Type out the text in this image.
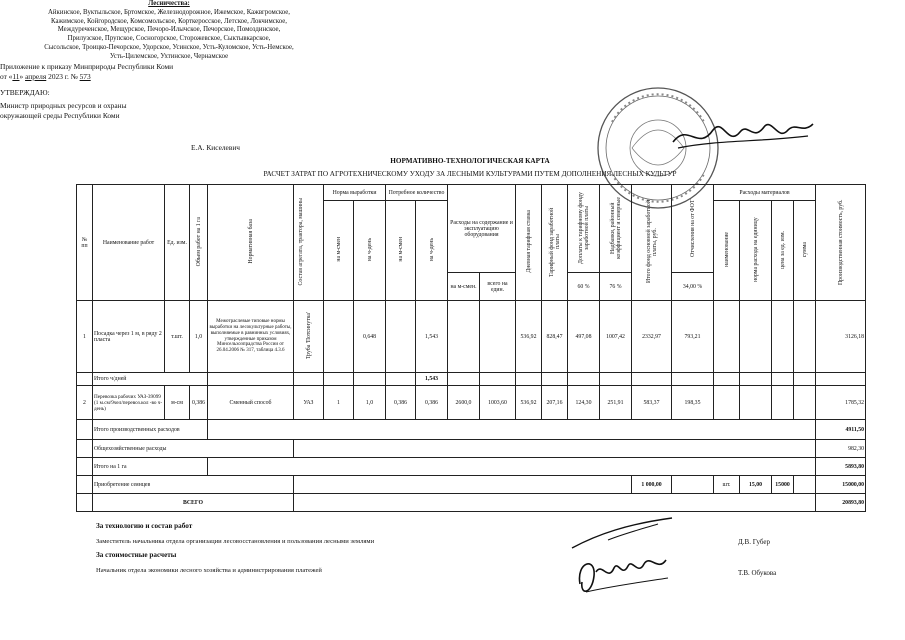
Лесничества:
Айкинское, Вуктыльское, Бртомское, Железнодорожное, Ижемское, Кажвгромское,
Кажимское, Койгородское, Комсомольское, Корткеросское, Летское, Локчимское,
Междуреченское, Мещурское, Печоро-Илычское, Печорское, Помоздинское,
Прилузское, Прупское, Сосногорское, Сторожевское, Сыктывкарское,
Сысольское, Троицко-Печорское, Удорское, Усинское, Усть-Куломское, Усть-Немское,
Усть-Цилемское, Ухтинское, Чернамское
Приложение к приказу Минприроды Республики Коми
от «11» апреля 2023 г. № 573
УТВЕРЖДАЮ:
Министр природных ресурсов и охраны
окружающей среды Республики Коми
Е.А. Киселевич
НОРМАТИВНО-ТЕХНОЛОГИЧЕСКАЯ КАРТА
РАСЧЕТ ЗАТРАТ ПО АГРОТЕХНИЧЕСКОМУ УХОДУ ЗА ЛЕСНЫМИ КУЛЬТУРАМИ ПУТЕМ ДОПОЛНЕНИЯ ЛЕСНЫХ КУЛЬТУР
№ пп	Наименование работ	Ед. изм.	Объем работ на 1 га	Нормативная база	Состав агрегата, трактора, машины	Норма выработки		Потребное количество		Расходы на содержание и эксплуатацию оборудования		Дневная тарифная ставка	Тарифный фонд заработной платы	Доплаты к тарифному фонду заработной платы	Надбавки, районный коэффициент и северные	Итого фонд основной заработной платы, руб.	Отчисления на от ФОТ	Расходы материалов				Производственная стоимость, руб.
						на м-смен	на ч-день	на м-смен	на ч-день									наименование	норма расхода на единицу	цена за ед. изм.	сумма	
										на м-смен.	всего на един.			60 %	76 %		34,00 %					
1	Посадка через 1 м, в ряду 2 пласта	т.шт.	1,0	Межотраслевые типовые нормы выработки на лесокультурные работы, выполняемые в равнинных условиях, утвержденные приказом Минсельхозпрадства России от 26.04.2006 № 317, таблица 4.3.6	Труба 'Потсинутка'		0,648		1,543			536,92	828,47	497,08	1007,42	2332,97	793,21					3126,18
	Итого ч/дней								1,543													
2	Перевозка рабочих УАЗ-39099 (1 м.см/9чел/перевоз.кол -во ч-день)	м-см	0,386	Сменный способ	УАЗ	1	1,0	0,386	0,386	2600,0	1003,60	536,92	207,16	124,30	251,91	583,37	198,35					1785,32
	Итого производственных расходов																					4911,50
	Общехозяйственные расходы																					982,30
	Итого на 1 га																					5893,80
	Приобретение сеянцев															1 000,00		шт.	15,00	15000		15000,00
	ВСЕГО																					20893,80
За технологию и состав работ
Заместитель начальника отдела организации лесовосстановления и пользования лесными землями	Д.В. Губер
За стоимостные расчеты
Начальник отдела экономики лесного хозяйства и администрирования платежей	Т.В. Обукова
